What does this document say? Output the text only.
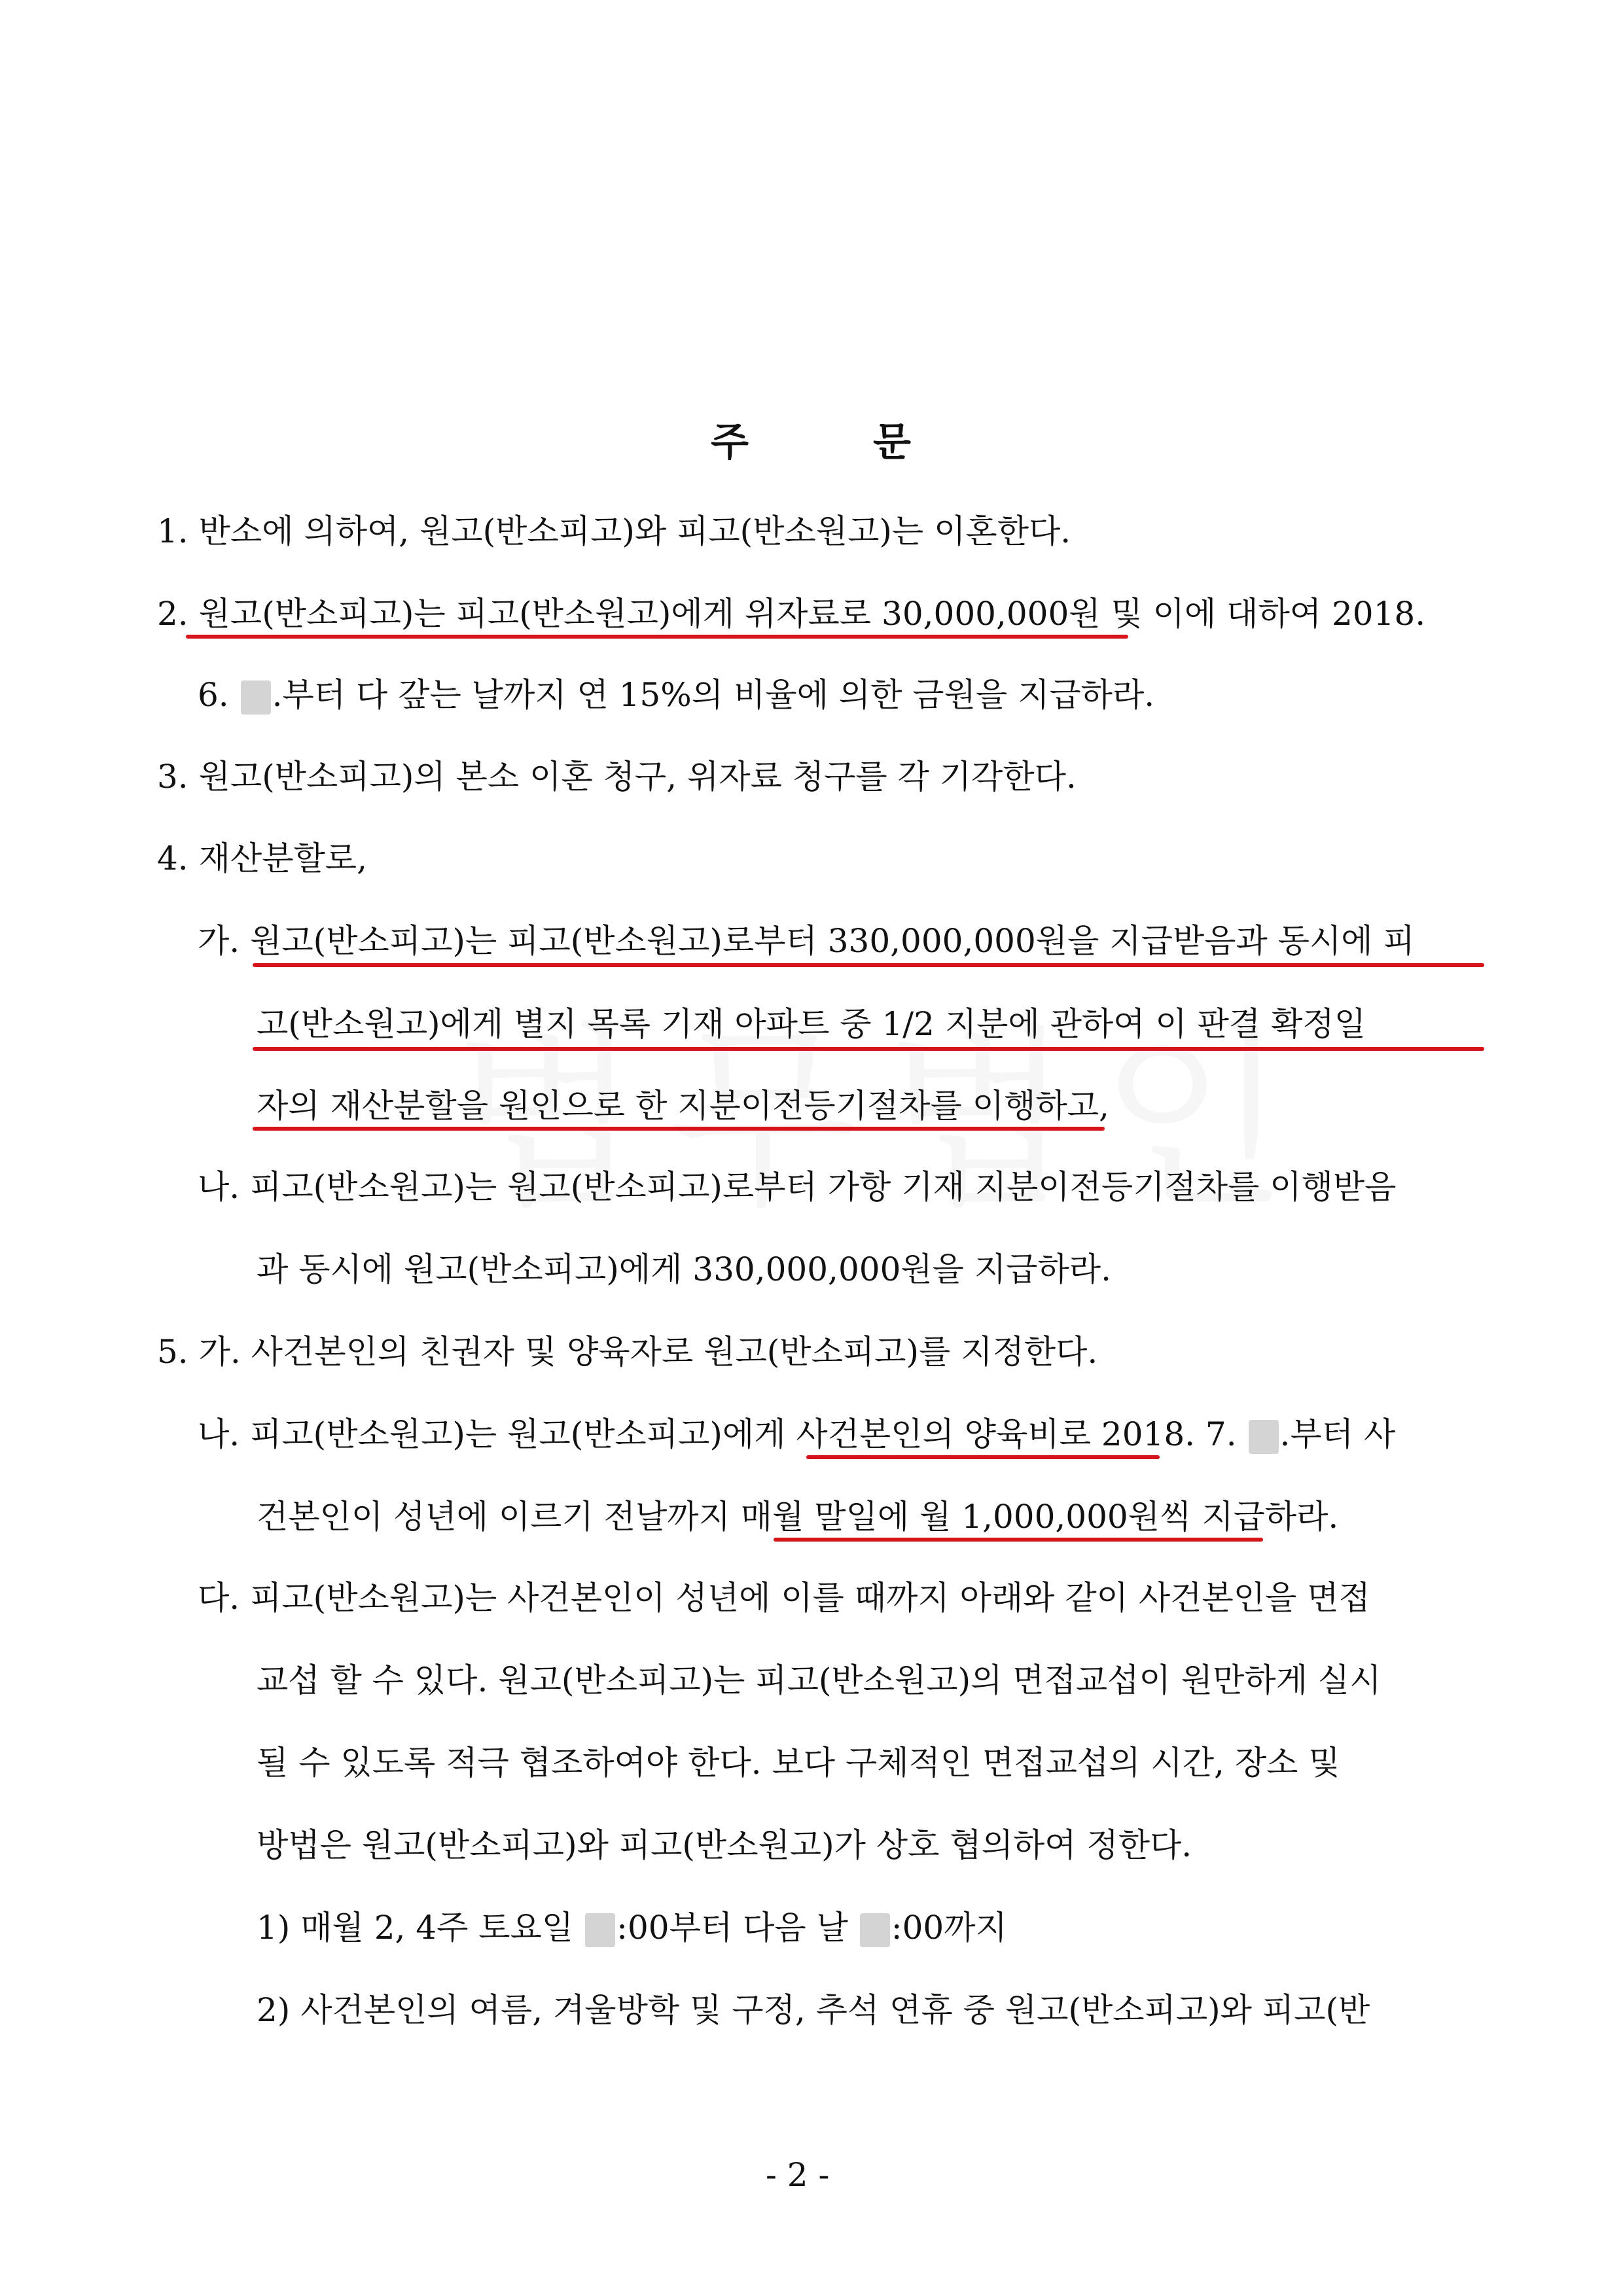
주	문
1. 반소에 의하여, 원고(반소피고)와 피고(반소원고)는 이혼한다.
2. 원고(반소피고)는 피고(반소원고)에게 위자료로 30,000,000원 및 이에 대하여 2018.
6. .부터 다 갚는 날까지 연 15%의 비율에 의한 금원을 지급하라.
3. 원고(반소피고)의 본소 이혼 청구, 위자료 청구를 각 기각한다.
4. 재산분할로,
가. 원고(반소피고)는 피고(반소원고)로부터 330,000,000원을 지급받음과 동시에 피
고(반소원고)에게 별지 목록 기재 아파트 중 1/2 지분에 관하여 이 판결 확정일
자의 재산분할을 원인으로 한 지분이전등기절차를 이행하고,
나. 피고(반소원고)는 원고(반소피고)로부터 가항 기재 지분이전등기절차를 이행받음
과 동시에 원고(반소피고)에게 330,000,000원을 지급하라.
5. 가. 사건본인의 친권자 및 양육자로 원고(반소피고)를 지정한다.
나. 피고(반소원고)는 원고(반소피고)에게 사건본인의 양육비로 2018. 7. .부터 사
건본인이 성년에 이르기 전날까지 매월 말일에 월 1,000,000원씩 지급하라.
다. 피고(반소원고)는 사건본인이 성년에 이를 때까지 아래와 같이 사건본인을 면접
교섭 할 수 있다. 원고(반소피고)는 피고(반소원고)의 면접교섭이 원만하게 실시
될 수 있도록 적극 협조하여야 한다. 보다 구체적인 면접교섭의 시간, 장소 및
방법은 원고(반소피고)와 피고(반소원고)가 상호 협의하여 정한다.
1) 매월 2, 4주 토요일 :00부터 다음 날 :00까지
2) 사건본인의 여름, 겨울방학 및 구정, 추석 연휴 중 원고(반소피고)와 피고(반
- 2 -
